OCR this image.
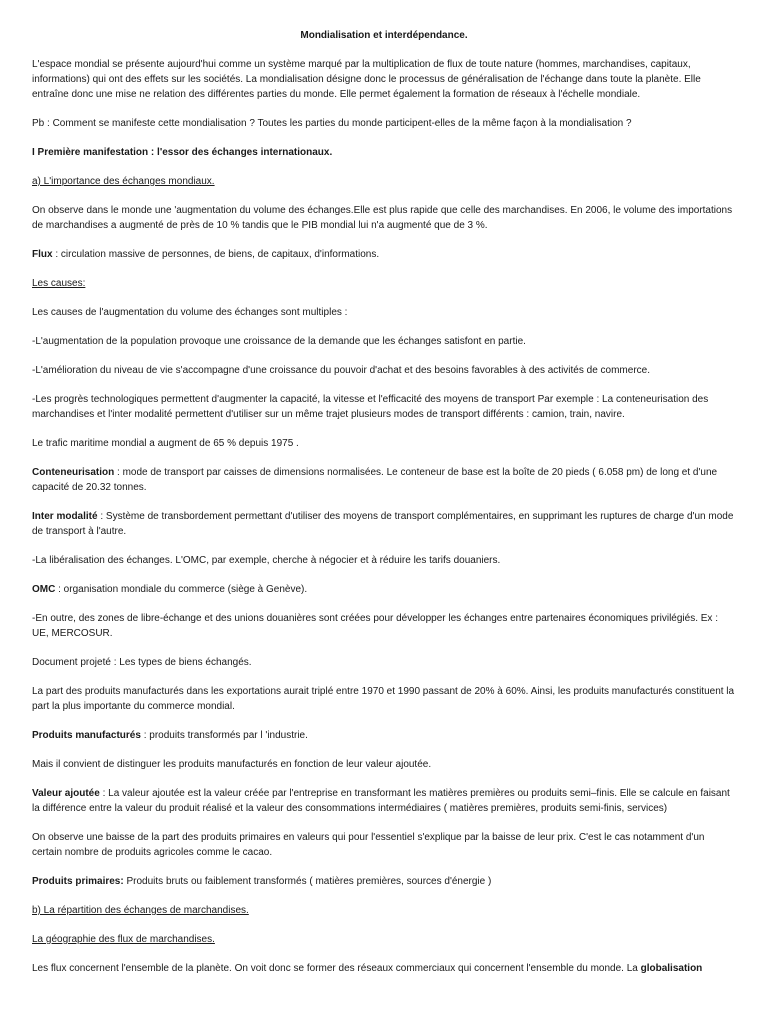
Mondialisation et interdépendance.

L'espace mondial se présente aujourd'hui comme un système marqué par la multiplication de flux de toute nature (hommes, marchandises, capitaux, informations) qui ont des effets sur les sociétés. La mondialisation désigne donc le processus de généralisation de l'échange dans toute la planète. Elle entraîne donc une mise ne relation des différentes parties du monde. Elle permet également la formation de réseaux à l'échelle mondiale.

Pb : Comment se manifeste cette mondialisation ? Toutes les parties du monde participent-elles de la même façon à la mondialisation ?

I Première manifestation : l'essor des échanges internationaux.

a) L'importance des échanges mondiaux.

On observe dans le monde une 'augmentation du volume des échanges.Elle est plus rapide que celle des marchandises. En 2006, le volume des importations de marchandises a augmenté de près de 10 % tandis que le PIB mondial lui n'a augmenté que de 3 %.

Flux : circulation massive de personnes, de biens, de capitaux, d'informations.

Les causes:

Les causes de l'augmentation du volume des échanges sont multiples :

-L'augmentation de la population provoque une croissance de la demande que les échanges satisfont en partie.

-L'amélioration du niveau de vie s'accompagne d'une croissance du pouvoir d'achat et des besoins favorables à des activités de commerce.

-Les progrès technologiques permettent d'augmenter la capacité, la vitesse et l'efficacité des moyens de transport Par exemple : La conteneurisation des marchandises et l'inter modalité permettent d'utiliser sur un même trajet plusieurs modes de transport différents : camion, train, navire.

Le trafic maritime mondial a augment de 65 % depuis 1975 .

Conteneurisation : mode de transport par caisses de dimensions normalisées. Le conteneur de base est la boîte de 20 pieds ( 6.058 pm) de long et d'une capacité de 20.32 tonnes.

Inter modalité : Système de transbordement permettant d'utiliser des moyens de transport complémentaires, en supprimant les ruptures de charge d'un mode de transport à l'autre.

-La libéralisation des échanges. L'OMC, par exemple, cherche à négocier et à réduire les tarifs douaniers.

OMC : organisation mondiale du commerce (siège à Genève).

-En outre, des zones de libre-échange et des unions douanières sont créées pour développer les échanges entre partenaires économiques privilégiés. Ex : UE, MERCOSUR.

Document projeté : Les types de biens échangés.

La part des produits manufacturés dans les exportations aurait triplé entre 1970 et 1990 passant de 20% à 60%. Ainsi, les produits manufacturés constituent la part la plus importante du commerce mondial.

Produits manufacturés : produits transformés par l 'industrie.

Mais il convient de distinguer les produits manufacturés en fonction de leur valeur ajoutée.

Valeur ajoutée : La valeur ajoutée est la valeur créée par l'entreprise en transformant les matières premières ou produits semi–finis. Elle se calcule en faisant la différence entre la valeur du produit réalisé et la valeur des consommations intermédiaires ( matières premières, produits semi-finis, services)

On observe une baisse de la part des produits primaires en valeurs qui pour l'essentiel s'explique par la baisse de leur prix. C'est le cas notamment d'un certain nombre de produits agricoles comme le cacao.

Produits primaires: Produits bruts ou faiblement transformés ( matières premières, sources d'énergie )

b) La répartition des échanges de marchandises.

La géographie des flux de marchandises.

Les flux concernent l'ensemble de la planète. On voit donc se former des réseaux commerciaux qui concernent l'ensemble du monde. La globalisation
